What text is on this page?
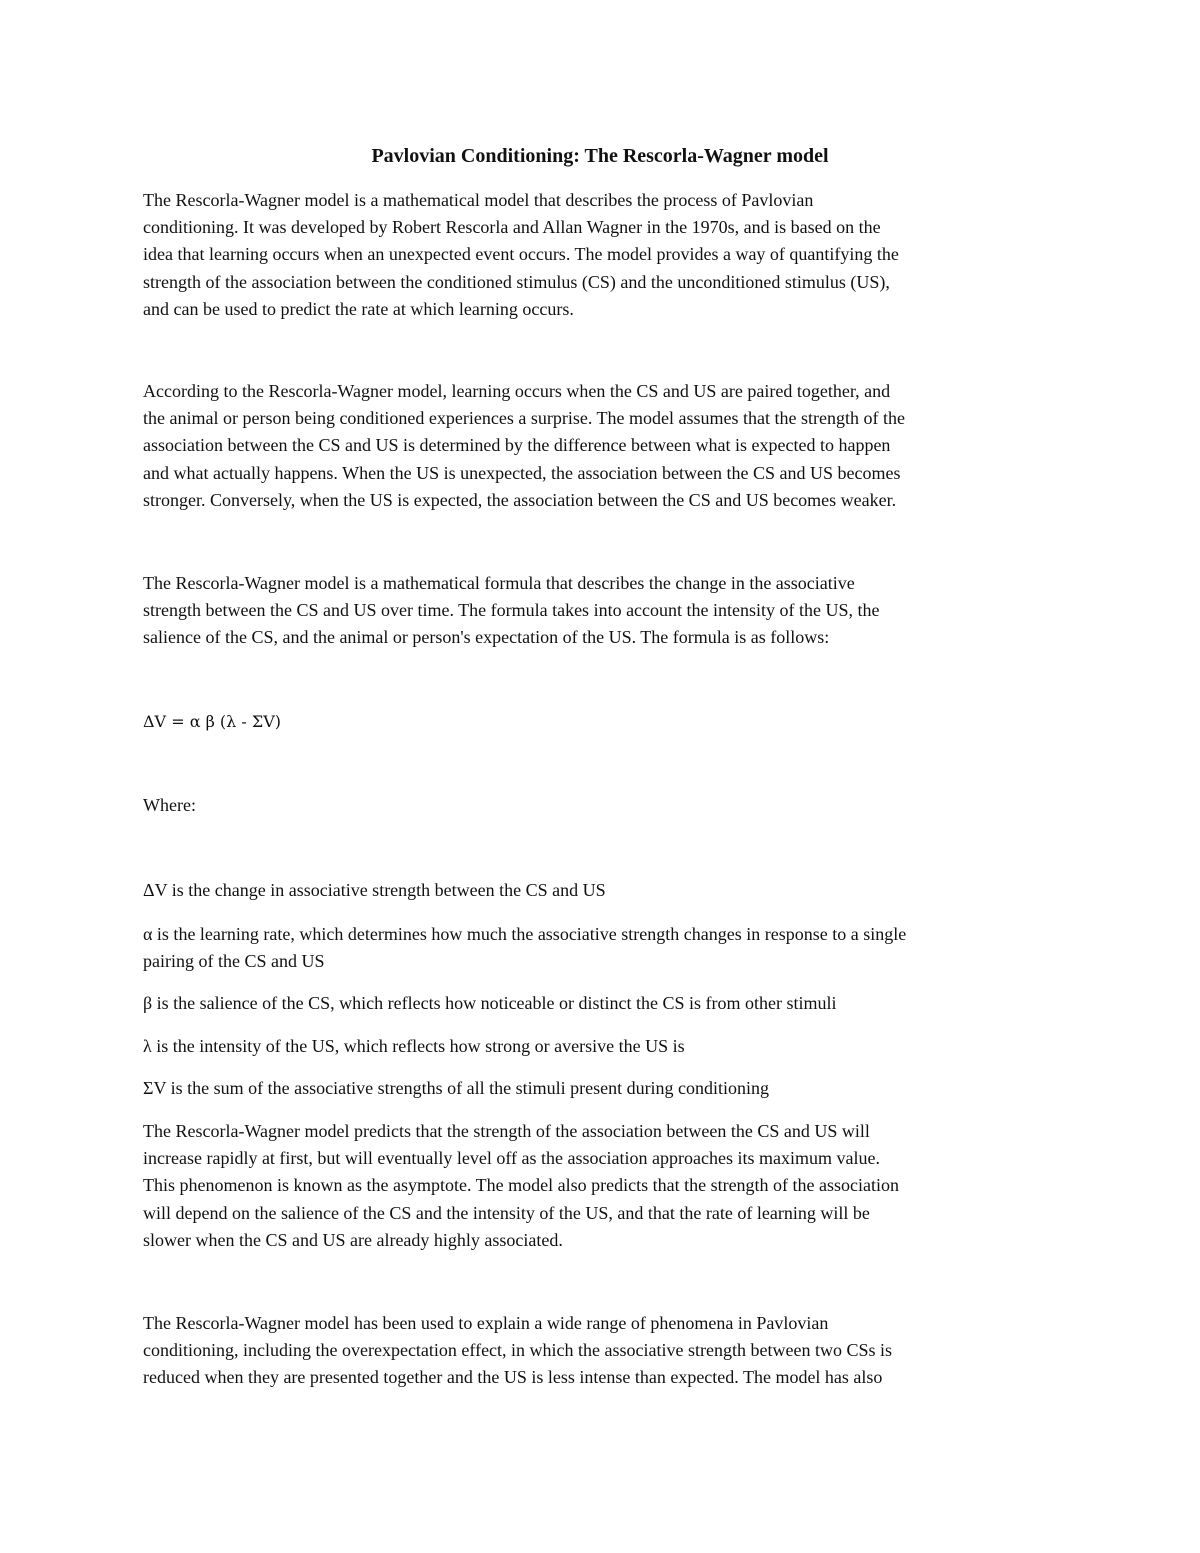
Pavlovian Conditioning: The Rescorla-Wagner model

The Rescorla-Wagner model is a mathematical model that describes the process of Pavlovian
conditioning. It was developed by Robert Rescorla and Allan Wagner in the 1970s, and is based on the
idea that learning occurs when an unexpected event occurs. The model provides a way of quantifying the
strength of the association between the conditioned stimulus (CS) and the unconditioned stimulus (US),
and can be used to predict the rate at which learning occurs.

According to the Rescorla-Wagner model, learning occurs when the CS and US are paired together, and
the animal or person being conditioned experiences a surprise. The model assumes that the strength of the
association between the CS and US is determined by the difference between what is expected to happen
and what actually happens. When the US is unexpected, the association between the CS and US becomes
stronger. Conversely, when the US is expected, the association between the CS and US becomes weaker.

The Rescorla-Wagner model is a mathematical formula that describes the change in the associative
strength between the CS and US over time. The formula takes into account the intensity of the US, the
salience of the CS, and the animal or person's expectation of the US. The formula is as follows:

ΔV = α β (λ - ΣV)

Where:

ΔV is the change in associative strength between the CS and US

α is the learning rate, which determines how much the associative strength changes in response to a single
pairing of the CS and US

β is the salience of the CS, which reflects how noticeable or distinct the CS is from other stimuli

λ is the intensity of the US, which reflects how strong or aversive the US is

ΣV is the sum of the associative strengths of all the stimuli present during conditioning

The Rescorla-Wagner model predicts that the strength of the association between the CS and US will
increase rapidly at first, but will eventually level off as the association approaches its maximum value.
This phenomenon is known as the asymptote. The model also predicts that the strength of the association
will depend on the salience of the CS and the intensity of the US, and that the rate of learning will be
slower when the CS and US are already highly associated.

The Rescorla-Wagner model has been used to explain a wide range of phenomena in Pavlovian
conditioning, including the overexpectation effect, in which the associative strength between two CSs is
reduced when they are presented together and the US is less intense than expected. The model has also
